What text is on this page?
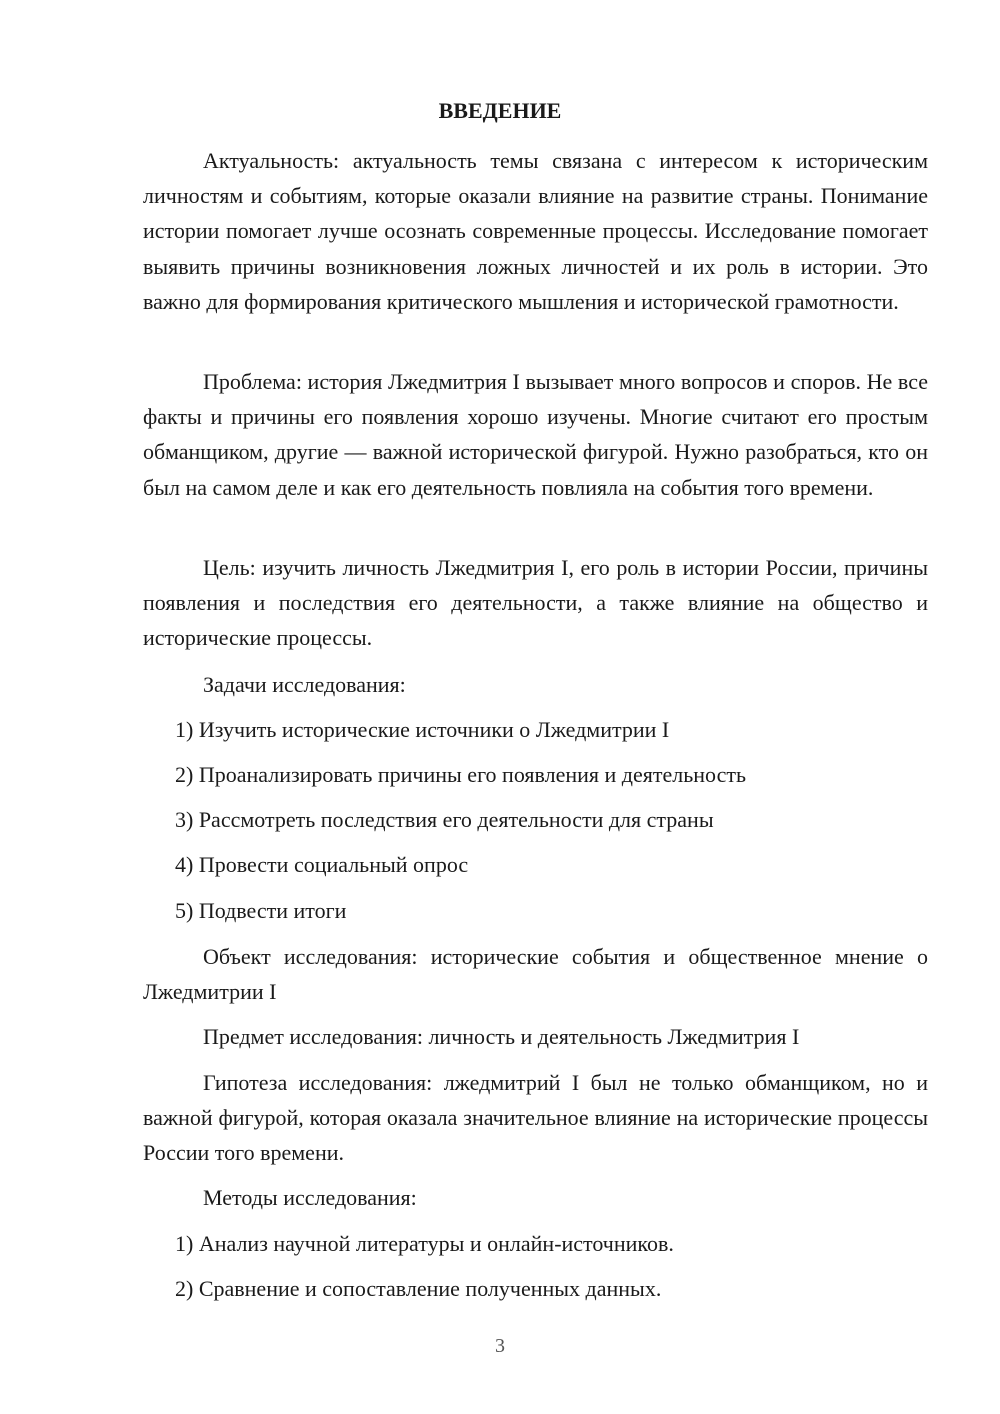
ВВЕДЕНИЕ

Актуальность: актуальность темы связана с интересом к историческим личностям и событиям, которые оказали влияние на развитие страны. Понимание истории помогает лучше осознать современные процессы. Исследование помогает выявить причины возникновения ложных личностей и их роль в истории. Это важно для формирования критического мышления и исторической грамотности.

Проблема: история Лжедмитрия I вызывает много вопросов и споров. Не все факты и причины его появления хорошо изучены. Многие считают его простым обманщиком, другие — важной исторической фигурой. Нужно разобраться, кто он был на самом деле и как его деятельность повлияла на события того времени.

Цель: изучить личность Лжедмитрия I, его роль в истории России, причины появления и последствия его деятельности, а также влияние на общество и исторические процессы.

Задачи исследования:

1) Изучить исторические источники о Лжедмитрии I

2) Проанализировать причины его появления и деятельность

3) Рассмотреть последствия его деятельности для страны

4) Провести социальный опрос

5) Подвести итоги

Объект исследования: исторические события и общественное мнение о Лжедмитрии I

Предмет исследования: личность и деятельность Лжедмитрия I

Гипотеза исследования: лжедмитрий I был не только обманщиком, но и важной фигурой, которая оказала значительное влияние на исторические процессы России того времени.

Методы исследования:

1) Анализ научной литературы и онлайн-источников.

2) Сравнение и сопоставление полученных данных.

3
